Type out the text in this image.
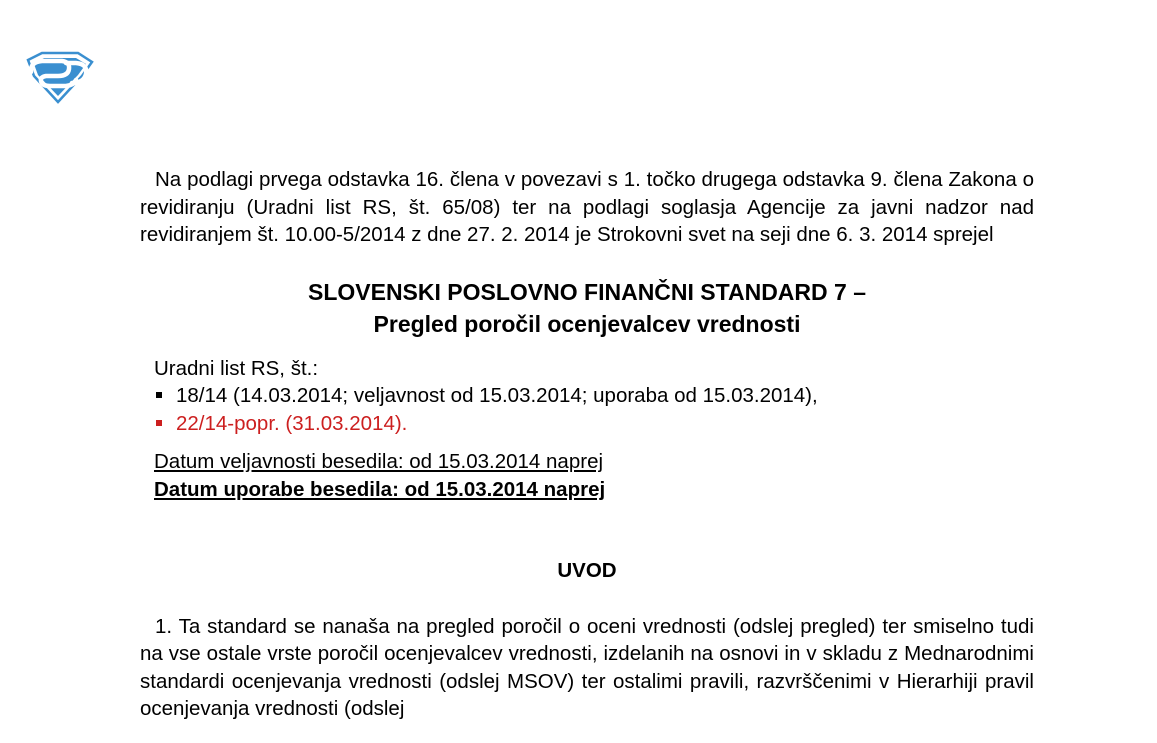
Na podlagi prvega odstavka 16. člena v povezavi s 1. točko drugega odstavka 9. člena Zakona o revidiranju (Uradni list RS, št. 65/08) ter na podlagi soglasja Agencije za javni nadzor nad revidiranjem št. 10.00-5/2014 z dne 27. 2. 2014 je Strokovni svet na seji dne 6. 3. 2014 sprejel

SLOVENSKI POSLOVNO FINANČNI STANDARD 7 –
Pregled poročil ocenjevalcev vrednosti
Uradni list RS, št.:
18/14 (14.03.2014; veljavnost od 15.03.2014; uporaba od 15.03.2014),
22/14-popr. (31.03.2014).
Datum veljavnosti besedila: od 15.03.2014 naprej
Datum uporabe besedila: od 15.03.2014 naprej
UVOD

1. Ta standard se nanaša na pregled poročil o oceni vrednosti (odslej pregled) ter smiselno tudi na vse ostale vrste poročil ocenjevalcev vrednosti, izdelanih na osnovi in v skladu z Mednarodnimi standardi ocenjevanja vrednosti (odslej MSOV) ter ostalimi pravili, razvrščenimi v Hierarhiji pravil ocenjevanja vrednosti (odslej
